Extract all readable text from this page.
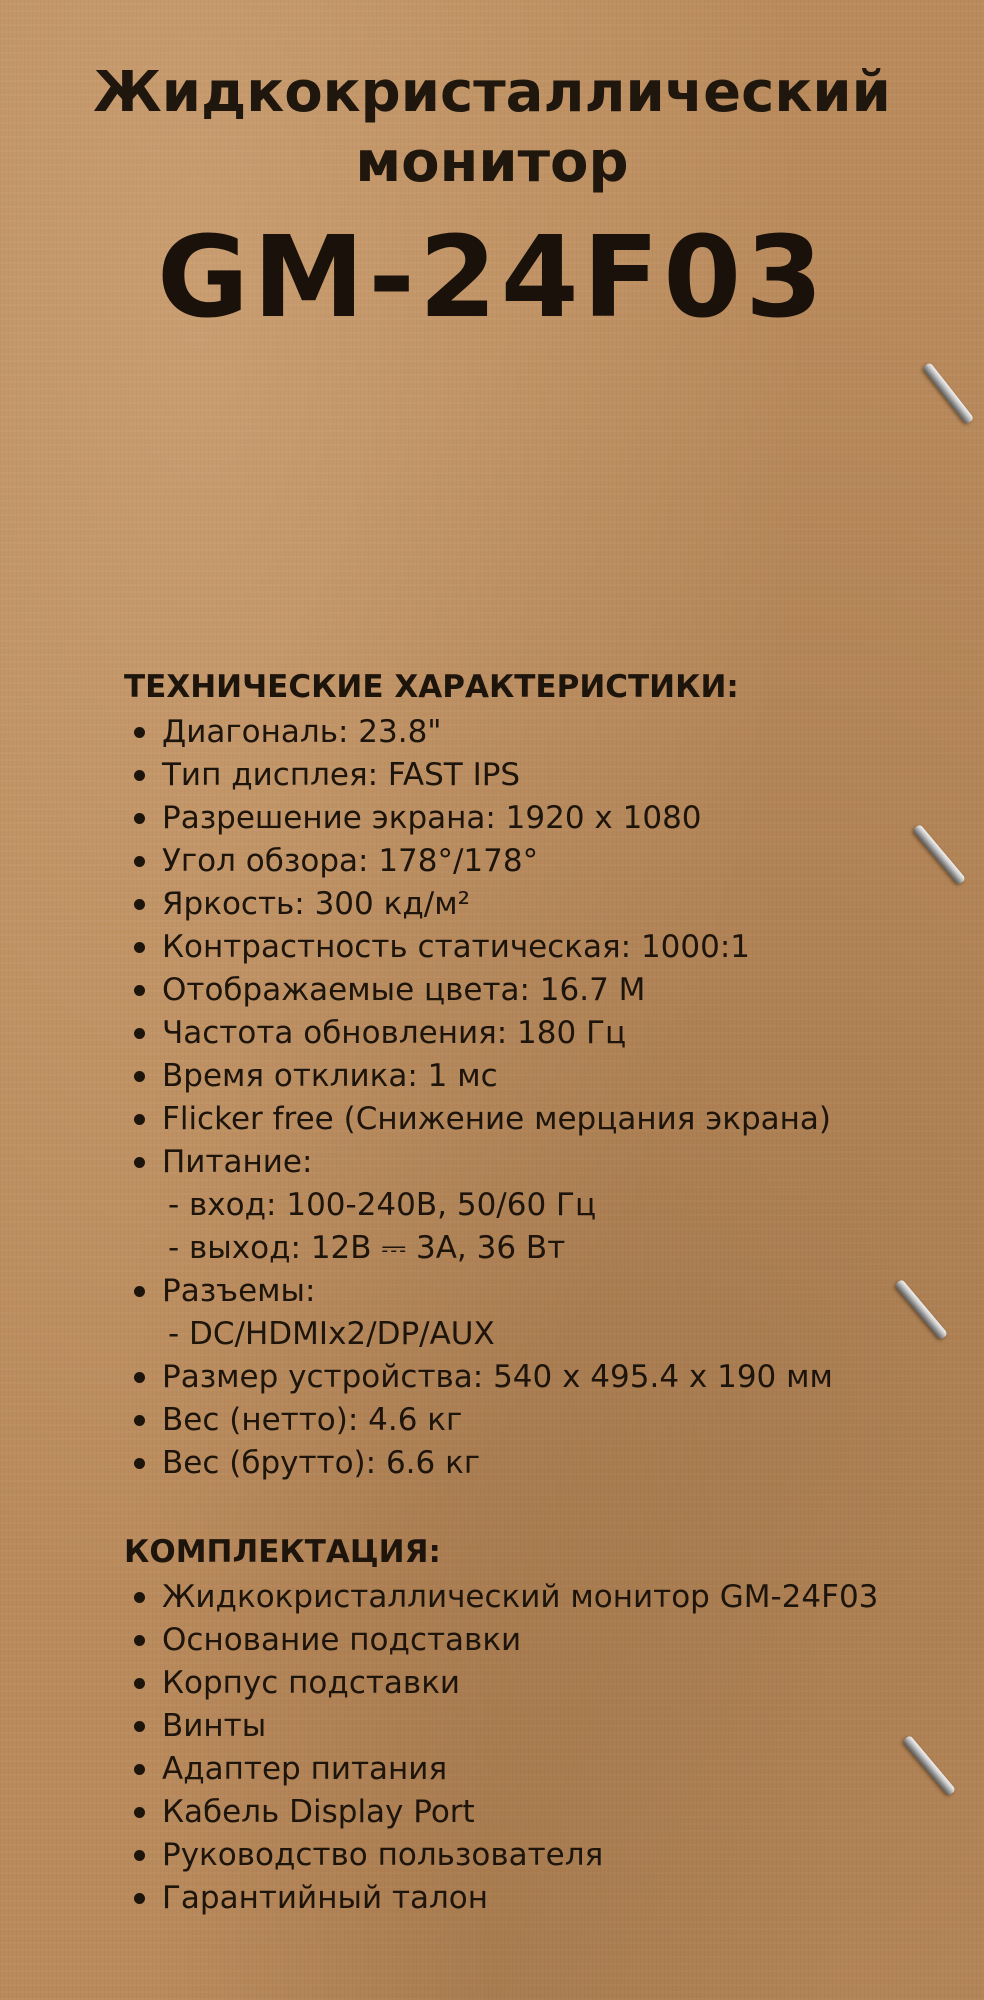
Жидкокристаллический
монитор
GM-24F03
ТЕХНИЧЕСКИЕ ХАРАКТЕРИСТИКИ:
Диагональ: 23.8"
Тип дисплея: FAST IPS
Разрешение экрана: 1920 x 1080
Угол обзора: 178°/178°
Яркость: 300 кд/м²
Контрастность статическая: 1000:1
Отображаемые цвета: 16.7 M
Частота обновления: 180 Гц
Время отклика: 1 мс
Flicker free (Снижение мерцания экрана)
Питание:
- вход: 100-240В, 50/60 Гц
- выход: 12В ⎓ 3А, 36 Вт
Разъемы:
- DC/HDMIx2/DP/AUX
Размер устройства: 540 x 495.4 x 190 мм
Вес (нетто): 4.6 кг
Вес (брутто): 6.6 кг
КОМПЛЕКТАЦИЯ:
Жидкокристаллический монитор GM-24F03
Основание подставки
Корпус подставки
Винты
Адаптер питания
Кабель Display Port
Руководство пользователя
Гарантийный талон
